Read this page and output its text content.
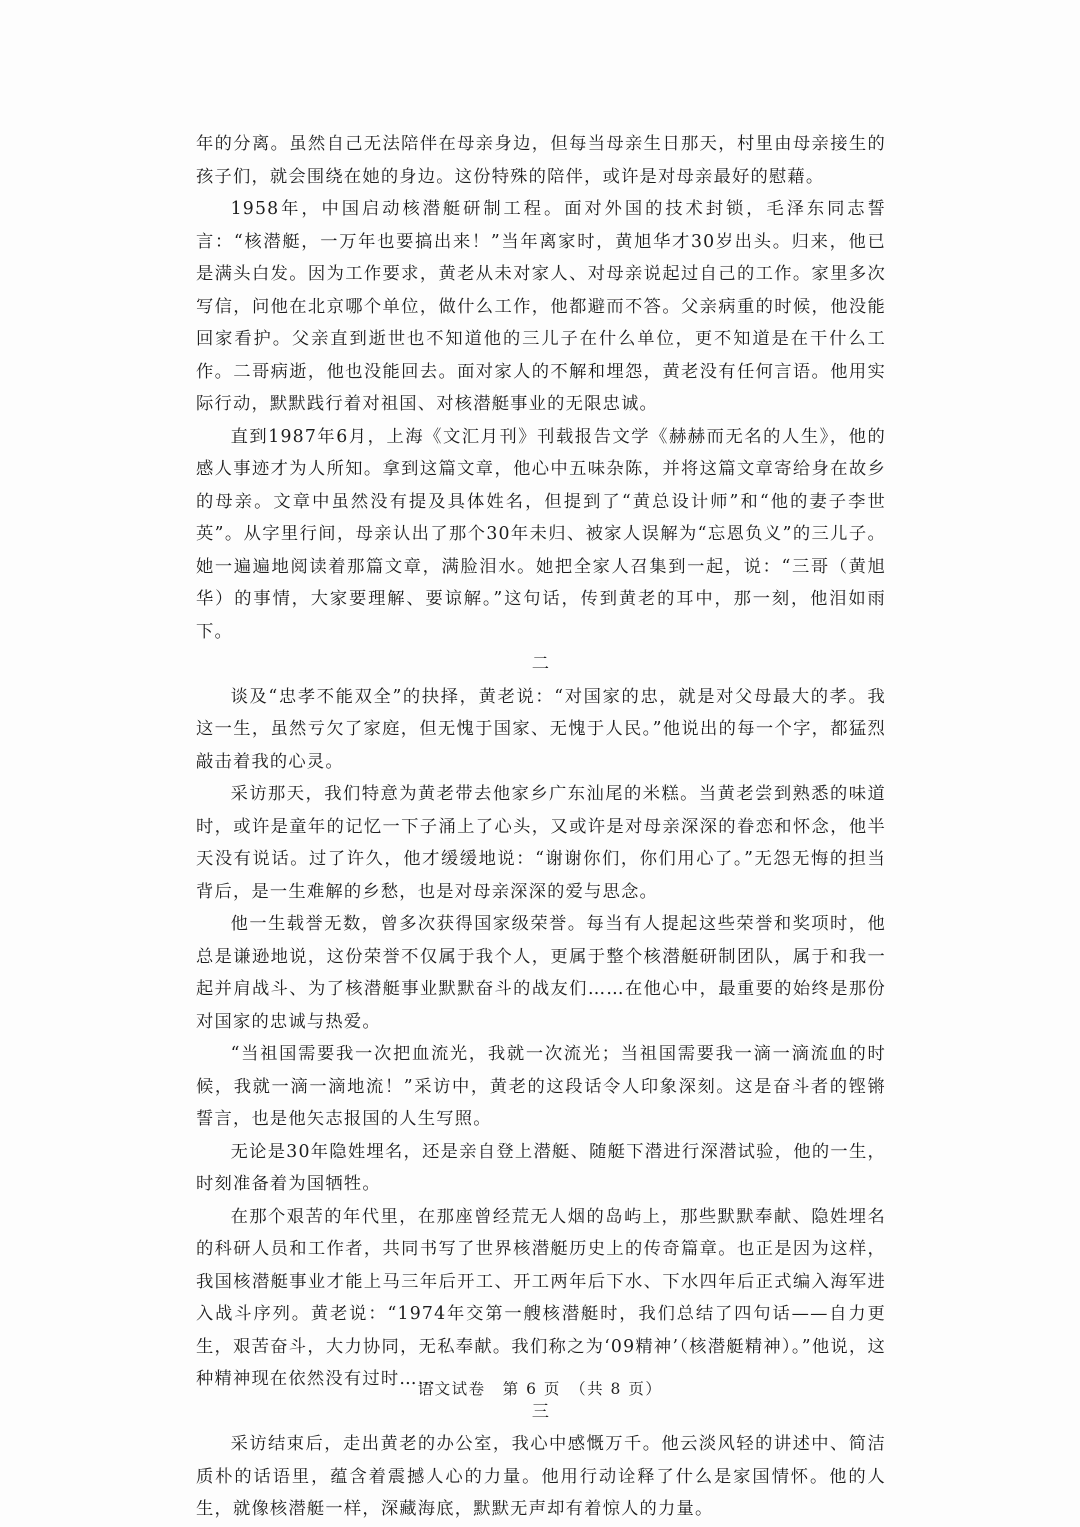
年的分离。虽然自己无法陪伴在母亲身边，但每当母亲生日那天，村里由母亲接生的孩子们，就会围绕在她的身边。这份特殊的陪伴，或许是对母亲最好的慰藉。

1958年，中国启动核潜艇研制工程。面对外国的技术封锁，毛泽东同志誓言：“核潜艇，一万年也要搞出来！”当年离家时，黄旭华才30岁出头。归来，他已是满头白发。因为工作要求，黄老从未对家人、对母亲说起过自己的工作。家里多次写信，问他在北京哪个单位，做什么工作，他都避而不答。父亲病重的时候，他没能回家看护。父亲直到逝世也不知道他的三儿子在什么单位，更不知道是在干什么工作。二哥病逝，他也没能回去。面对家人的不解和埋怨，黄老没有任何言语。他用实际行动，默默践行着对祖国、对核潜艇事业的无限忠诚。

直到1987年6月，上海《文汇月刊》刊载报告文学《赫赫而无名的人生》，他的感人事迹才为人所知。拿到这篇文章，他心中五味杂陈，并将这篇文章寄给身在故乡的母亲。文章中虽然没有提及具体姓名，但提到了“黄总设计师”和“他的妻子李世英”。从字里行间，母亲认出了那个30年未归、被家人误解为“忘恩负义”的三儿子。她一遍遍地阅读着那篇文章，满脸泪水。她把全家人召集到一起，说：“三哥（黄旭华）的事情，大家要理解、要谅解。”这句话，传到黄老的耳中，那一刻，他泪如雨下。

二

谈及“忠孝不能双全”的抉择，黄老说：“对国家的忠，就是对父母最大的孝。我这一生，虽然亏欠了家庭，但无愧于国家、无愧于人民。”他说出的每一个字，都猛烈敲击着我的心灵。

采访那天，我们特意为黄老带去他家乡广东汕尾的米糕。当黄老尝到熟悉的味道时，或许是童年的记忆一下子涌上了心头，又或许是对母亲深深的眷恋和怀念，他半天没有说话。过了许久，他才缓缓地说：“谢谢你们，你们用心了。”无怨无悔的担当背后，是一生难解的乡愁，也是对母亲深深的爱与思念。

他一生载誉无数，曾多次获得国家级荣誉。每当有人提起这些荣誉和奖项时，他总是谦逊地说，这份荣誉不仅属于我个人，更属于整个核潜艇研制团队，属于和我一起并肩战斗、为了核潜艇事业默默奋斗的战友们……在他心中，最重要的始终是那份对国家的忠诚与热爱。

“当祖国需要我一次把血流光，我就一次流光；当祖国需要我一滴一滴流血的时候，我就一滴一滴地流！”采访中，黄老的这段话令人印象深刻。这是奋斗者的铿锵誓言，也是他矢志报国的人生写照。

无论是30年隐姓埋名，还是亲自登上潜艇、随艇下潜进行深潜试验，他的一生，时刻准备着为国牺牲。

在那个艰苦的年代里，在那座曾经荒无人烟的岛屿上，那些默默奉献、隐姓埋名的科研人员和工作者，共同书写了世界核潜艇历史上的传奇篇章。也正是因为这样，我国核潜艇事业才能上马三年后开工、开工两年后下水、下水四年后正式编入海军进入战斗序列。黄老说：“1974年交第一艘核潜艇时，我们总结了四句话——自力更生，艰苦奋斗，大力协同，无私奉献。我们称之为‘09精神’（核潜艇精神）。”他说，这种精神现在依然没有过时……

三

采访结束后，走出黄老的办公室，我心中感慨万千。他云淡风轻的讲述中、简洁质朴的话语里，蕴含着震撼人心的力量。他用行动诠释了什么是家国情怀。他的人生，就像核潜艇一样，深藏海底，默默无声却有着惊人的力量。

语文试卷　第 6 页　（共 8 页）
